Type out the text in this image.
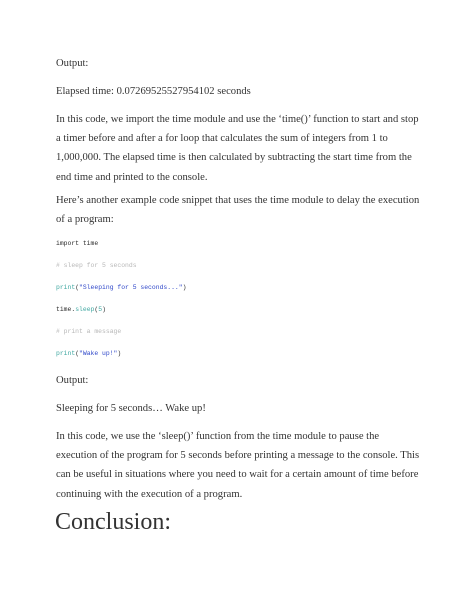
Output:

Elapsed time: 0.07269525527954102 seconds

In this code, we import the time module and use the ‘time()’ function to start and stop a timer before and after a for loop that calculates the sum of integers from 1 to 1,000,000. The elapsed time is then calculated by subtracting the start time from the end time and printed to the console.

Here’s another example code snippet that uses the time module to delay the execution of a program:

import time
# sleep for 5 seconds
print("Sleeping for 5 seconds...")
time.sleep(5)
# print a message
print("Wake up!")

Output:

Sleeping for 5 seconds… Wake up!

In this code, we use the ‘sleep()’ function from the time module to pause the execution of the program for 5 seconds before printing a message to the console. This can be useful in situations where you need to wait for a certain amount of time before continuing with the execution of a program.

Conclusion:
